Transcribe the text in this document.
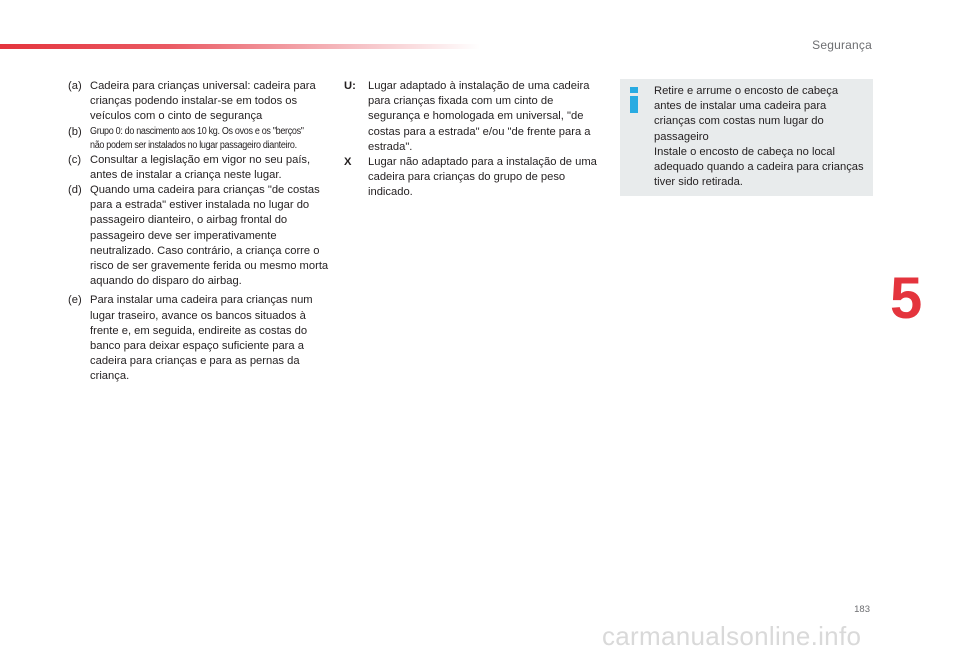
Segurança
(a) Cadeira para crianças universal: cadeira para crianças podendo instalar-se em todos os veículos com o cinto de segurança
(b) Grupo 0: do nascimento aos 10 kg. Os ovos e os "berços"
não podem ser instalados no lugar passageiro dianteiro.
(c) Consultar a legislação em vigor no seu país, antes de instalar a criança neste lugar.
(d) Quando uma cadeira para crianças "de costas para a estrada" estiver instalada no lugar do passageiro dianteiro, o airbag frontal do passageiro deve ser imperativamente neutralizado. Caso contrário, a criança corre o risco de ser gravemente ferida ou mesmo morta aquando do disparo do airbag.
(e) Para instalar uma cadeira para crianças num lugar traseiro, avance os bancos situados à frente e, em seguida, endireite as costas do banco para deixar espaço suficiente para a cadeira para crianças e para as pernas da criança.
U:	Lugar adaptado à instalação de uma cadeira para crianças fixada com um cinto de segurança e homologada em universal, "de costas para a estrada" e/ou "de frente para a estrada".
X	Lugar não adaptado para a instalação de uma cadeira para crianças do grupo de peso indicado.
Retire e arrume o encosto de cabeça antes de instalar uma cadeira para crianças com costas num lugar do passageiro
Instale o encosto de cabeça no local adequado quando a cadeira para crianças tiver sido retirada.
5
183
carmanualsonline.info
